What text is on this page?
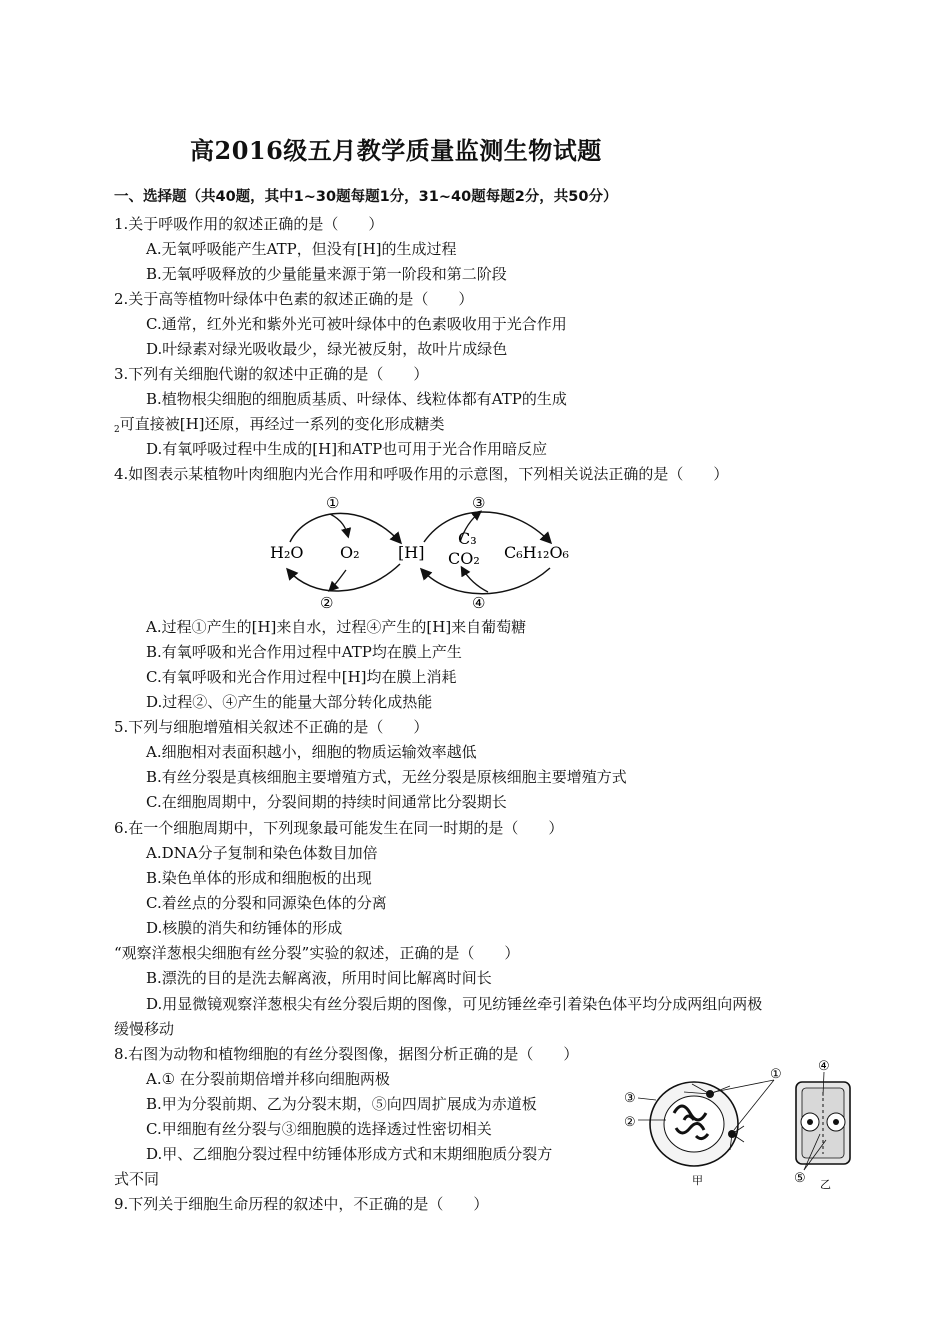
高2016级五月教学质量监测生物试题
一、选择题（共40题，其中1~30题每题1分，31~40题每题2分，共50分）
1.关于呼吸作用的叙述正确的是（　　）
A.无氧呼吸能产生ATP，但没有[H]的生成过程
B.无氧呼吸释放的少量能量来源于第一阶段和第二阶段
2.关于高等植物叶绿体中色素的叙述正确的是（　　）
C.通常，红外光和紫外光可被叶绿体中的色素吸收用于光合作用
D.叶绿素对绿光吸收最少，绿光被反射，故叶片成绿色
3.下列有关细胞代谢的叙述中正确的是（　　）
B.植物根尖细胞的细胞质基质、叶绿体、线粒体都有ATP的生成
$_2$可直接被[H]还原，再经过一系列的变化形成糖类
D.有氧呼吸过程中生成的[H]和ATP也可用于光合作用暗反应
4.如图表示某植物叶肉细胞内光合作用和呼吸作用的示意图，下列相关说法正确的是（　　）
①
②
③
④
H₂O O₂ [H]
C₃
CO₂ C₆H₁₂O₆
A.过程①产生的[H]来自水，过程④产生的[H]来自葡萄糖
B.有氧呼吸和光合作用过程中ATP均在膜上产生
C.有氧呼吸和光合作用过程中[H]均在膜上消耗
D.过程②、④产生的能量大部分转化成热能
5.下列与细胞增殖相关叙述不正确的是（　　）
A.细胞相对表面积越小，细胞的物质运输效率越低
B.有丝分裂是真核细胞主要增殖方式，无丝分裂是原核细胞主要增殖方式
C.在细胞周期中，分裂间期的持续时间通常比分裂期长
6.在一个细胞周期中，下列现象最可能发生在同一时期的是（　　）
A.DNA分子复制和染色体数目加倍
B.染色单体的形成和细胞板的出现
C.着丝点的分裂和同源染色体的分离
D.核膜的消失和纺锤体的形成
“观察洋葱根尖细胞有丝分裂”实验的叙述，正确的是（　　）
B.漂洗的目的是洗去解离液，所用时间比解离时间长
D.用显微镜观察洋葱根尖有丝分裂后期的图像，可见纺锤丝牵引着染色体平均分成两组向两极
缓慢移动
8.右图为动物和植物细胞的有丝分裂图像，据图分析正确的是（　　）
A.① 在分裂前期倍增并移向细胞两极
B.甲为分裂前期、乙为分裂末期，⑤向四周扩展成为赤道板
C.甲细胞有丝分裂与③细胞膜的选择透过性密切相关
D.甲、乙细胞分裂过程中纺锤体形成方式和末期细胞质分裂方
式不同
①
②
③
甲
④
⑤ 乙
9.下列关于细胞生命历程的叙述中，不正确的是（　　）
